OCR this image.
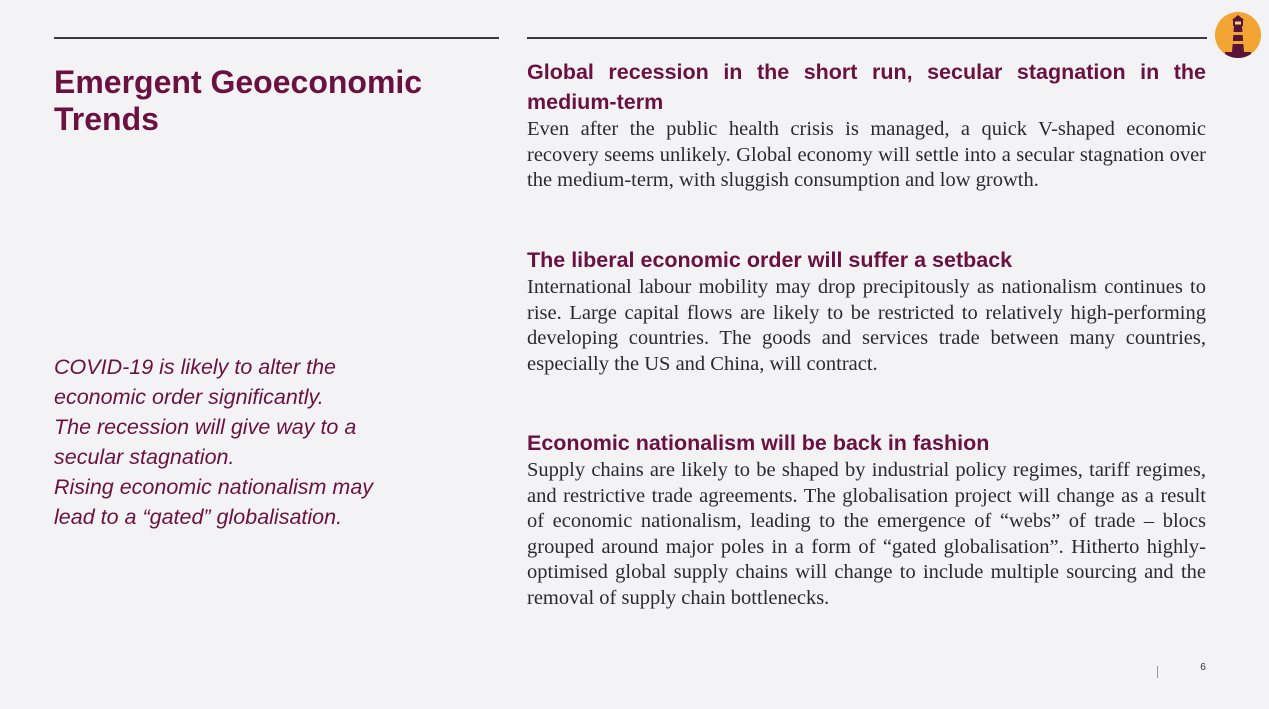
Emergent Geoeconomic Trends
COVID-19 is likely to alter the
economic order significantly.
The recession will give way to a
secular stagnation.
Rising economic nationalism may
lead to a “gated” globalisation.
Global recession in the short run, secular stagnation in the medium-term

Even after the public health crisis is managed, a quick V-shaped economic recovery seems unlikely. Global economy will settle into a secular stagnation over the medium-term, with sluggish consumption and low growth.

The liberal economic order will suffer a setback

International labour mobility may drop precipitously as nationalism continues to rise. Large capital flows are likely to be restricted to relatively high-performing developing countries. The goods and services trade between many countries, especially the US and China, will contract.

Economic nationalism will be back in fashion

Supply chains are likely to be shaped by industrial policy regimes, tariff regimes, and restrictive trade agreements. The globalisation project will change as a result of economic nationalism, leading to the emergence of “webs” of trade – blocs grouped around major poles in a form of “gated globalisation”. Hitherto highly-optimised global supply chains will change to include multiple sourcing and the removal of supply chain bottlenecks.

6
